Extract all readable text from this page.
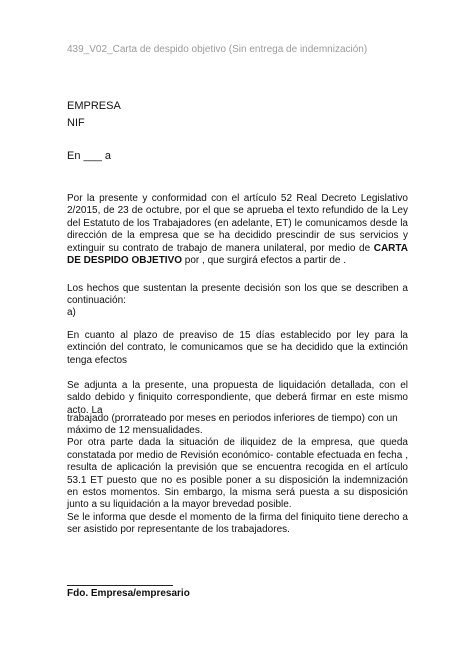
439_V02_Carta de despido objetivo (Sin entrega de indemnización)
EMPRESA
NIF
En ___ a
Por la presente y conformidad con el artículo 52 Real Decreto Legislativo 2/2015, de 23 de octubre, por el que se aprueba el texto refundido de la Ley del Estatuto de los Trabajadores (en adelante, ET) le comunicamos desde la dirección de la empresa que se ha decidido prescindir de sus servicios y extinguir su contrato de trabajo de manera unilateral, por medio de CARTA DE DESPIDO OBJETIVO por , que surgirá efectos a partir de .
Los hechos que sustentan la presente decisión son los que se describen a continuación:
a)
En cuanto al plazo de preaviso de 15 días establecido por ley para la extinción del contrato, le comunicamos que se ha decidido que la extinción tenga efectos
Se adjunta a la presente, una propuesta de liquidación detallada, con el saldo debido y finiquito correspondiente, que deberá firmar en este mismo acto. La
trabajado (prorrateado por meses en periodos inferiores de tiempo) con un
máximo de 12 mensualidades.
Por otra parte dada la situación de iliquidez de la empresa, que queda constatada por medio de Revisión económico- contable efectuada en fecha , resulta de aplicación la previsión que se encuentra recogida en el artículo 53.1 ET puesto que no es posible poner a su disposición la indemnización en estos momentos. Sin embargo, la misma será puesta a su disposición junto a su liquidación a la mayor brevedad posible.
Se le informa que desde el momento de la firma del finiquito tiene derecho a ser asistido por representante de los trabajadores.
Fdo. Empresa/empresario
